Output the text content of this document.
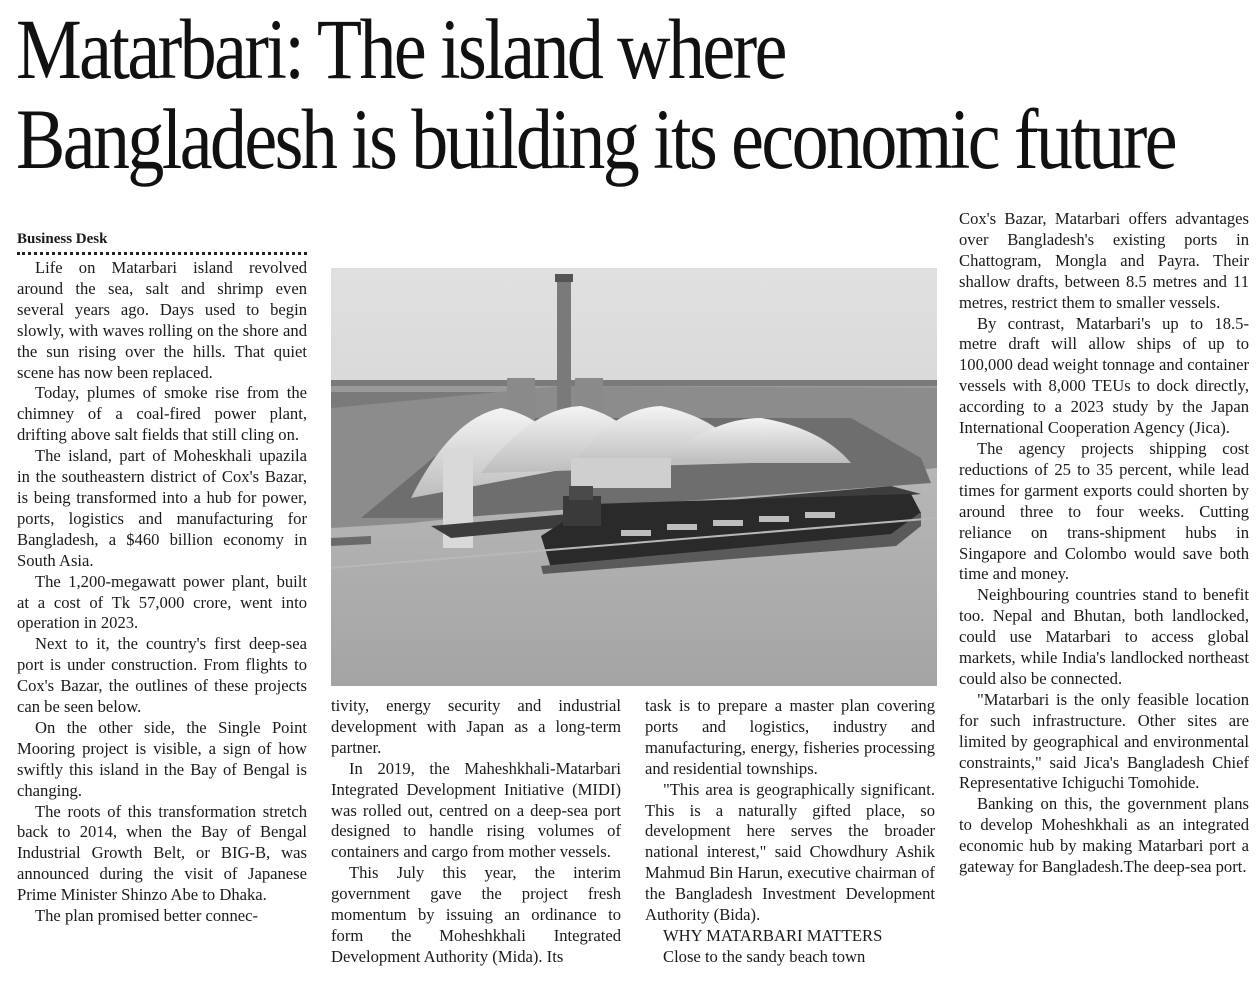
Matarbari: The island where
Bangladesh is building its economic future
Business Desk

Life on Matarbari island revolved around the sea, salt and shrimp even several years ago. Days used to begin slowly, with waves rolling on the shore and the sun rising over the hills. That quiet scene has now been replaced.

Today, plumes of smoke rise from the chimney of a coal-fired power plant, drifting above salt fields that still cling on.

The island, part of Moheskhali upazila in the southeastern district of Cox's Bazar, is being transformed into a hub for power, ports, logistics and manufacturing for Bangladesh, a $460 billion economy in South Asia.

The 1,200-megawatt power plant, built at a cost of Tk 57,000 crore, went into operation in 2023.

Next to it, the country's first deep-sea port is under construction. From flights to Cox's Bazar, the outlines of these projects can be seen below.

On the other side, the Single Point Mooring project is visible, a sign of how swiftly this island in the Bay of Bengal is changing.

The roots of this transformation stretch back to 2014, when the Bay of Bengal Industrial Growth Belt, or BIG-B, was announced during the visit of Japanese Prime Minister Shinzo Abe to Dhaka.

The plan promised better connec-

tivity, energy security and industrial development with Japan as a long-term partner.

In 2019, the Maheshkhali-Matarbari Integrated Development Initiative (MIDI) was rolled out, centred on a deep-sea port designed to handle rising volumes of containers and cargo from mother vessels.

This July this year, the interim government gave the project fresh momentum by issuing an ordinance to form the Moheshkhali Integrated Development Authority (Mida). Its

task is to prepare a master plan covering ports and logistics, industry and manufacturing, energy, fisheries processing and residential townships.

"This area is geographically significant. This is a naturally gifted place, so development here serves the broader national interest," said Chowdhury Ashik Mahmud Bin Harun, executive chairman of the Bangladesh Investment Development Authority (Bida).

WHY MATARBARI MATTERS

Close to the sandy beach town

Cox's Bazar, Matarbari offers advantages over Bangladesh's existing ports in Chattogram, Mongla and Payra. Their shallow drafts, between 8.5 metres and 11 metres, restrict them to smaller vessels.

By contrast, Matarbari's up to 18.5-metre draft will allow ships of up to 100,000 dead weight tonnage and container vessels with 8,000 TEUs to dock directly, according to a 2023 study by the Japan International Cooperation Agency (Jica).

The agency projects shipping cost reductions of 25 to 35 percent, while lead times for garment exports could shorten by around three to four weeks. Cutting reliance on trans-shipment hubs in Singapore and Colombo would save both time and money.

Neighbouring countries stand to benefit too. Nepal and Bhutan, both landlocked, could use Matarbari to access global markets, while India's landlocked northeast could also be connected.

"Matarbari is the only feasible location for such infrastructure. Other sites are limited by geographical and environmental constraints," said Jica's Bangladesh Chief Representative Ichiguchi Tomohide.

Banking on this, the government plans to develop Moheshkhali as an integrated economic hub by making Matarbari port a gateway for Bangladesh.The deep-sea port.
